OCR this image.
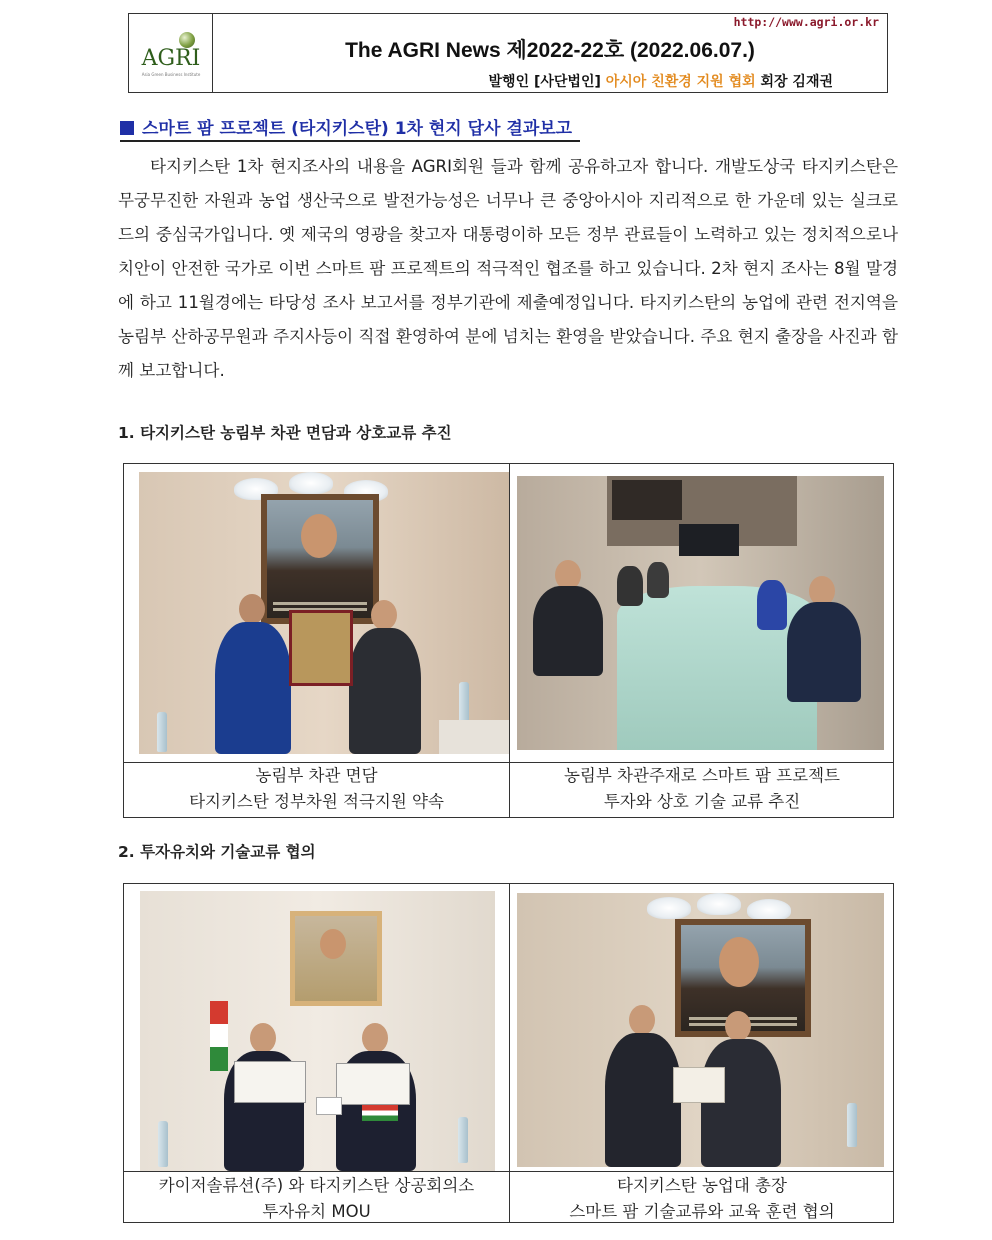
AGRI
Asia Green Business Institute
http://www.agri.or.kr
The AGRI News 제2022-22호 (2022.06.07.)
발행인 [사단법인] 아시아 친환경 지원 협회 회장 김재권
스마트 팜 프로젝트 (타지키스탄) 1차 현지 답사 결과보고
타지키스탄 1차 현지조사의 내용을 AGRI회원 들과 함께 공유하고자 합니다. 개발도상국 타지키스탄은 무궁무진한 자원과 농업 생산국으로 발전가능성은 너무나 큰 중앙아시아 지리적으로 한 가운데 있는 실크로드의 중심국가입니다. 옛 제국의 영광을 찾고자 대통령이하 모든 정부 관료들이 노력하고 있는 정치적으로나 치안이 안전한 국가로 이번 스마트 팜 프로젝트의 적극적인 협조를 하고 있습니다. 2차 현지 조사는 8월 말경에 하고 11월경에는 타당성 조사 보고서를 정부기관에 제출예정입니다. 타지키스탄의 농업에 관련 전지역을 농림부 산하공무원과 주지사등이 직접 환영하여 분에 넘치는 환영을 받았습니다. 주요 현지 출장을 사진과 함께 보고합니다.
1. 타지키스탄 농림부 차관 면담과 상호교류 추진
농림부 차관 면담
타지키스탄 정부차원 적극지원 약속
농림부 차관주재로 스마트 팜 프로젝트
투자와 상호 기술 교류 추진
2. 투자유치와 기술교류 협의
카이저솔류션(주) 와 타지키스탄 상공회의소
투자유치 MOU
타지키스탄 농업대 총장
스마트 팜 기술교류와 교육 훈련 협의
